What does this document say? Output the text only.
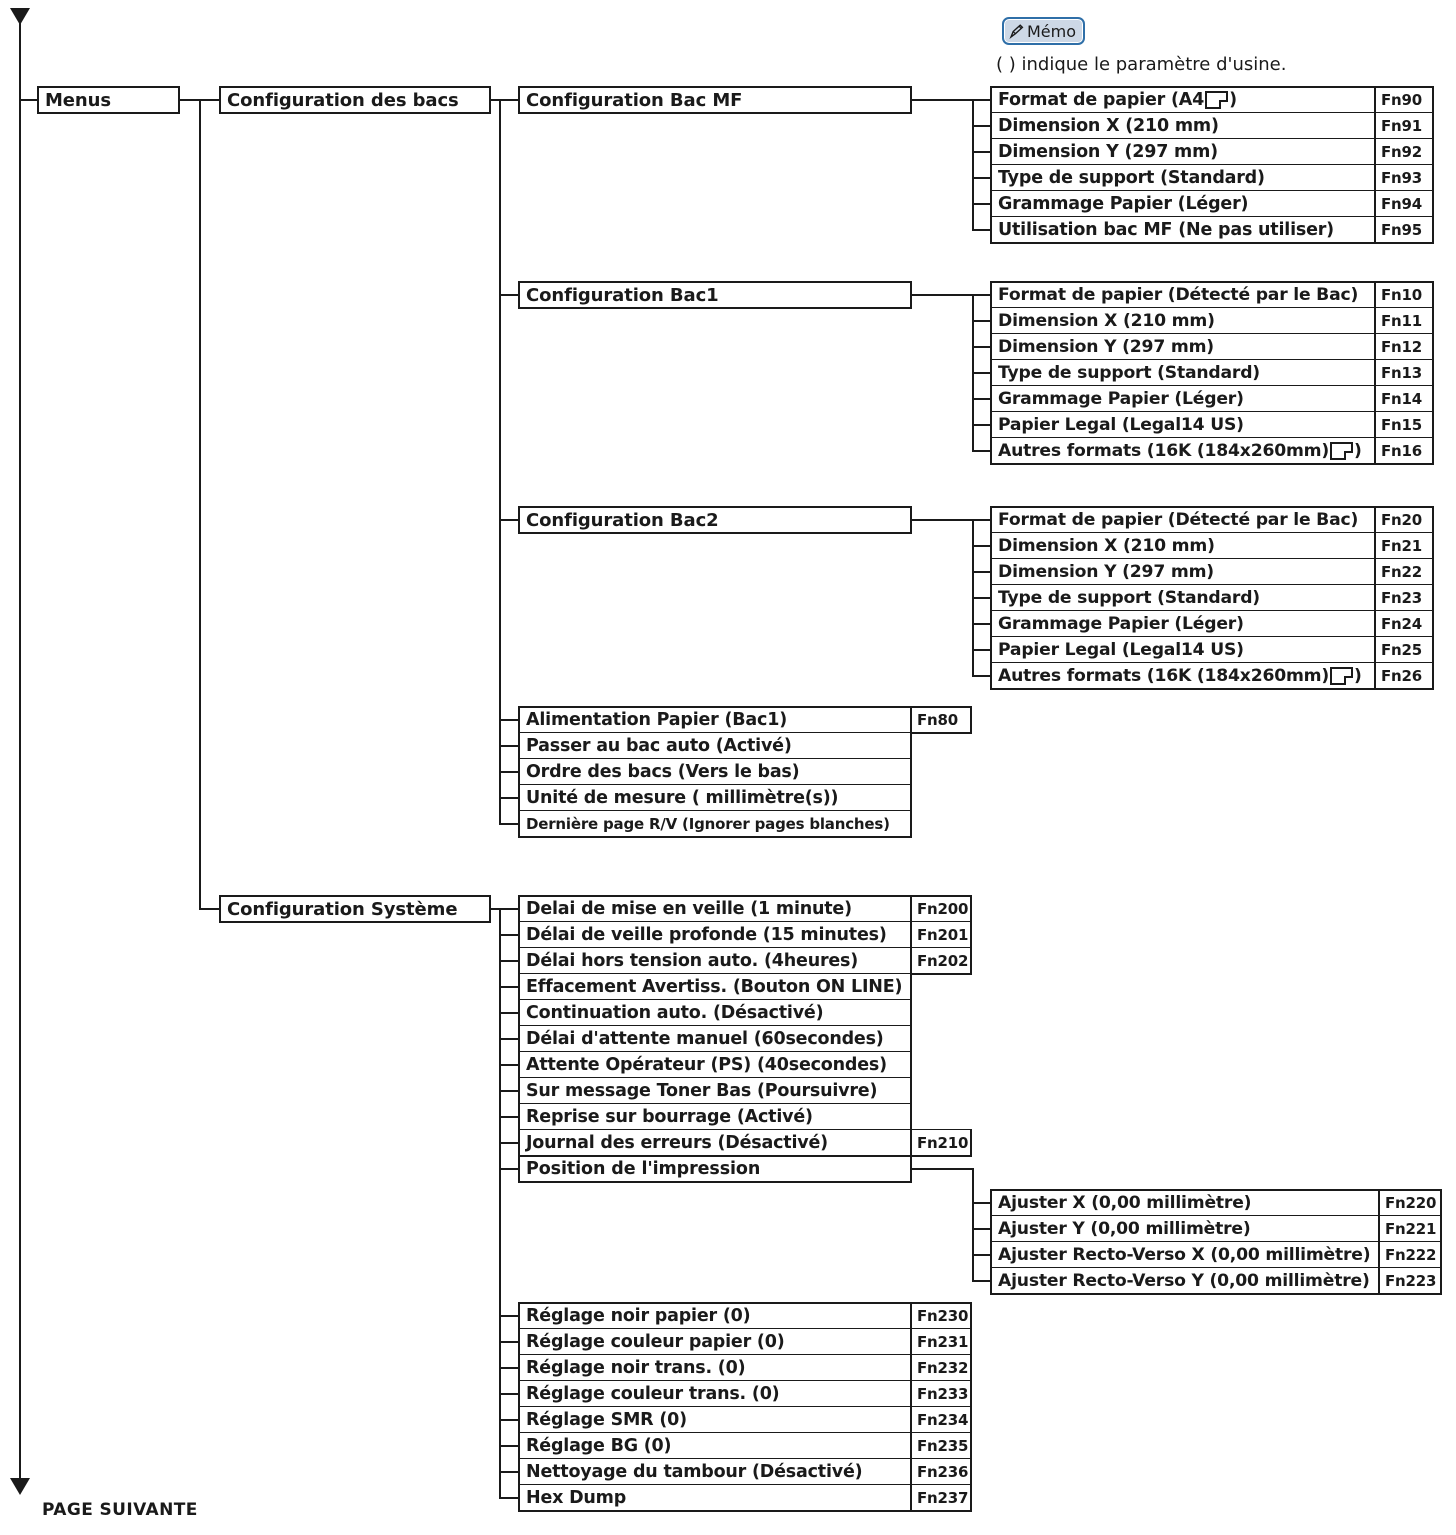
PAGE SUIVANTE
Mémo
( ) indique le paramètre d'usine.
Menus	Configuration des bacs	Configuration Bac MF
Configuration Bac1
Configuration Bac2
Configuration Système
Format de papier (A4 )	Fn90
Dimension X (210 mm)	Fn91
Dimension Y (297 mm)	Fn92
Type de support (Standard)	Fn93
Grammage Papier (Léger)	Fn94
Utilisation bac MF (Ne pas utiliser)	Fn95
Format de papier (Détecté par le Bac)	Fn10
Dimension X (210 mm)	Fn11
Dimension Y (297 mm)	Fn12
Type de support (Standard)	Fn13
Grammage Papier (Léger)	Fn14
Papier Legal (Legal14 US)	Fn15
Autres formats (16K (184x260mm) )	Fn16
Format de papier (Détecté par le Bac)	Fn20
Dimension X (210 mm)	Fn21
Dimension Y (297 mm)	Fn22
Type de support (Standard)	Fn23
Grammage Papier (Léger)	Fn24
Papier Legal (Legal14 US)	Fn25
Autres formats (16K (184x260mm) )	Fn26
Alimentation Papier (Bac1)	Fn80
Passer au bac auto (Activé)
Ordre des bacs (Vers le bas)
Unité de mesure ( millimètre(s))
Dernière page R/V (Ignorer pages blanches)
Delai de mise en veille (1 minute)	Fn200
Délai de veille profonde (15 minutes)	Fn201
Délai hors tension auto. (4heures)	Fn202
Effacement Avertiss. (Bouton ON LINE)
Continuation auto. (Désactivé)
Délai d'attente manuel (60secondes)
Attente Opérateur (PS) (40secondes)
Sur message Toner Bas (Poursuivre)
Reprise sur bourrage (Activé)
Journal des erreurs (Désactivé)	Fn210
Position de l'impression
Réglage noir papier (0)	Fn230
Réglage couleur papier (0)	Fn231
Réglage noir trans. (0)	Fn232
Réglage couleur trans. (0)	Fn233
Réglage SMR (0)	Fn234
Réglage BG (0)	Fn235
Nettoyage du tambour (Désactivé)	Fn236
Hex Dump	Fn237
Ajuster X (0,00 millimètre)	Fn220
Ajuster Y (0,00 millimètre)	Fn221
Ajuster Recto-Verso X (0,00 millimètre) Fn222
Ajuster Recto-Verso Y (0,00 millimètre)	Fn223
